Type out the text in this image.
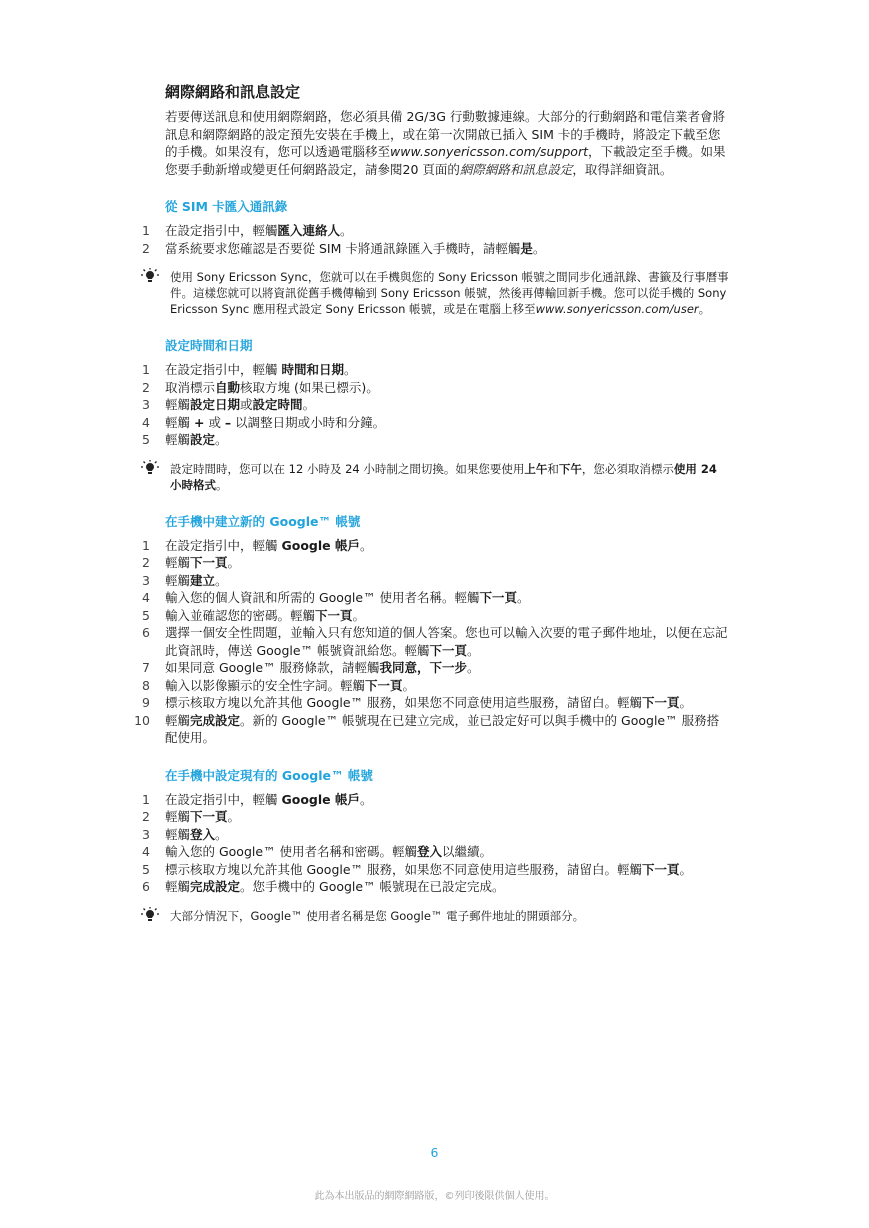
網際網路和訊息設定

若要傳送訊息和使用網際網路，您必須具備 2G/3G 行動數據連線。大部分的行動網路和電信業者會將訊息和網際網路的設定預先安裝在手機上，或在第一次開啟已插入 SIM 卡的手機時，將設定下載至您的手機。如果沒有，您可以透過電腦移至www.sonyericsson.com/support，下載設定至手機。如果您要手動新增或變更任何網路設定，請參閱20 頁面的網際網路和訊息設定，取得詳細資訊。

從 SIM 卡匯入通訊錄
1 在設定指引中，輕觸匯入連絡人。
2 當系統要求您確認是否要從 SIM 卡將通訊錄匯入手機時，請輕觸是。
使用 Sony Ericsson Sync，您就可以在手機與您的 Sony Ericsson 帳號之間同步化通訊錄、書籤及行事曆事件。這樣您就可以將資訊從舊手機傳輸到 Sony Ericsson 帳號，然後再傳輸回新手機。您可以從手機的 Sony Ericsson Sync 應用程式設定 Sony Ericsson 帳號，或是在電腦上移至www.sonyericsson.com/user。
設定時間和日期
1 在設定指引中，輕觸 時間和日期。
2 取消標示自動核取方塊 (如果已標示)。
3 輕觸設定日期或設定時間。
4 輕觸 + 或 – 以調整日期或小時和分鐘。
5 輕觸設定。
設定時間時，您可以在 12 小時及 24 小時制之間切換。如果您要使用上午和下午，您必須取消標示使用 24 小時格式。
在手機中建立新的 Google™ 帳號
1 在設定指引中，輕觸 Google 帳戶。
2 輕觸下一頁。
3 輕觸建立。
4 輸入您的個人資訊和所需的 Google™ 使用者名稱。輕觸下一頁。
5 輸入並確認您的密碼。輕觸下一頁。
6 選擇一個安全性問題，並輸入只有您知道的個人答案。您也可以輸入次要的電子郵件地址，以便在忘記此資訊時，傳送 Google™ 帳號資訊給您。輕觸下一頁。
7 如果同意 Google™ 服務條款，請輕觸我同意，下一步。
8 輸入以影像顯示的安全性字詞。輕觸下一頁。
9 標示核取方塊以允許其他 Google™ 服務，如果您不同意使用這些服務，請留白。輕觸下一頁。
10 輕觸完成設定。新的 Google™ 帳號現在已建立完成，並已設定好可以與手機中的 Google™ 服務搭配使用。
在手機中設定現有的 Google™ 帳號
1 在設定指引中，輕觸 Google 帳戶。
2 輕觸下一頁。
3 輕觸登入。
4 輸入您的 Google™ 使用者名稱和密碼。輕觸登入以繼續。
5 標示核取方塊以允許其他 Google™ 服務，如果您不同意使用這些服務，請留白。輕觸下一頁。
6 輕觸完成設定。您手機中的 Google™ 帳號現在已設定完成。
大部分情況下，Google™ 使用者名稱是您 Google™ 電子郵件地址的開頭部分。
6
此為本出版品的網際網路版，©列印後限供個人使用。
